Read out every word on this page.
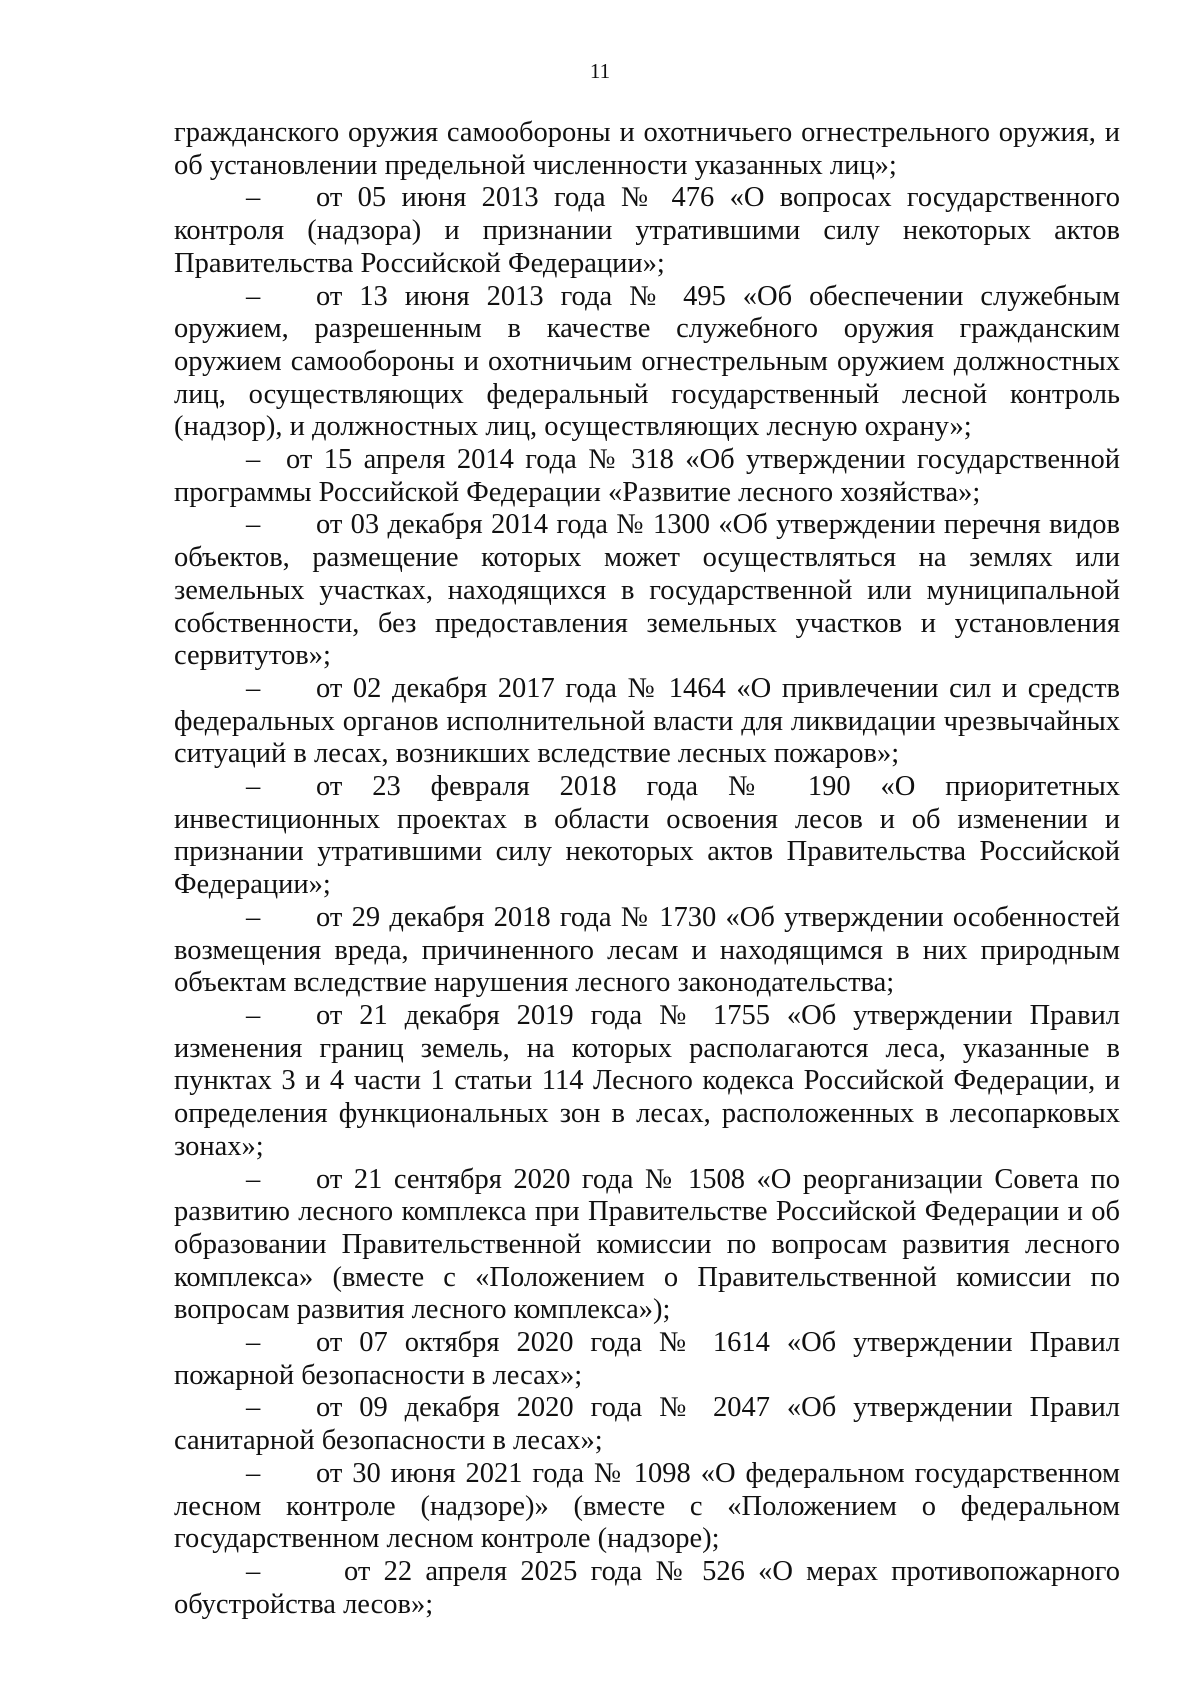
11

гражданского оружия самообороны и охотничьего огнестрельного оружия, и об установлении предельной численности указанных лиц»;

– от 05 июня 2013 года № 476 «О вопросах государственного контроля (надзора) и признании утратившими силу некоторых актов Правительства Российской Федерации»;

– от 13 июня 2013 года № 495 «Об обеспечении служебным оружием, разрешенным в качестве служебного оружия гражданским оружием самообороны и охотничьим огнестрельным оружием должностных лиц, осуществляющих федеральный государственный лесной контроль (надзор), и должностных лиц, осуществляющих лесную охрану»;

– от 15 апреля 2014 года № 318 «Об утверждении государственной программы Российской Федерации «Развитие лесного хозяйства»;

– от 03 декабря 2014 года № 1300 «Об утверждении перечня видов объектов, размещение которых может осуществляться на землях или земельных участках, находящихся в государственной или муниципальной собственности, без предоставления земельных участков и установления сервитутов»;

– от 02 декабря 2017 года № 1464 «О привлечении сил и средств федеральных органов исполнительной власти для ликвидации чрезвычайных ситуаций в лесах, возникших вследствие лесных пожаров»;

– от 23 февраля 2018 года № 190 «О приоритетных инвестиционных проектах в области освоения лесов и об изменении и признании утратившими силу некоторых актов Правительства Российской Федерации»;

– от 29 декабря 2018 года № 1730 «Об утверждении особенностей возмещения вреда, причиненного лесам и находящимся в них природным объектам вследствие нарушения лесного законодательства;

– от 21 декабря 2019 года № 1755 «Об утверждении Правил изменения границ земель, на которых располагаются леса, указанные в пунктах 3 и 4 части 1 статьи 114 Лесного кодекса Российской Федерации, и определения функциональных зон в лесах, расположенных в лесопарковых зонах»;

– от 21 сентября 2020 года № 1508 «О реорганизации Совета по развитию лесного комплекса при Правительстве Российской Федерации и об образовании Правительственной комиссии по вопросам развития лесного комплекса» (вместе с «Положением о Правительственной комиссии по вопросам развития лесного комплекса»);

– от 07 октября 2020 года № 1614 «Об утверждении Правил пожарной безопасности в лесах»;

– от 09 декабря 2020 года № 2047 «Об утверждении Правил санитарной безопасности в лесах»;

– от 30 июня 2021 года № 1098 «О федеральном государственном лесном контроле (надзоре)» (вместе с «Положением о федеральном государственном лесном контроле (надзоре);

–	от 22 апреля 2025 года № 526 «О мерах противопожарного обустройства лесов»;
